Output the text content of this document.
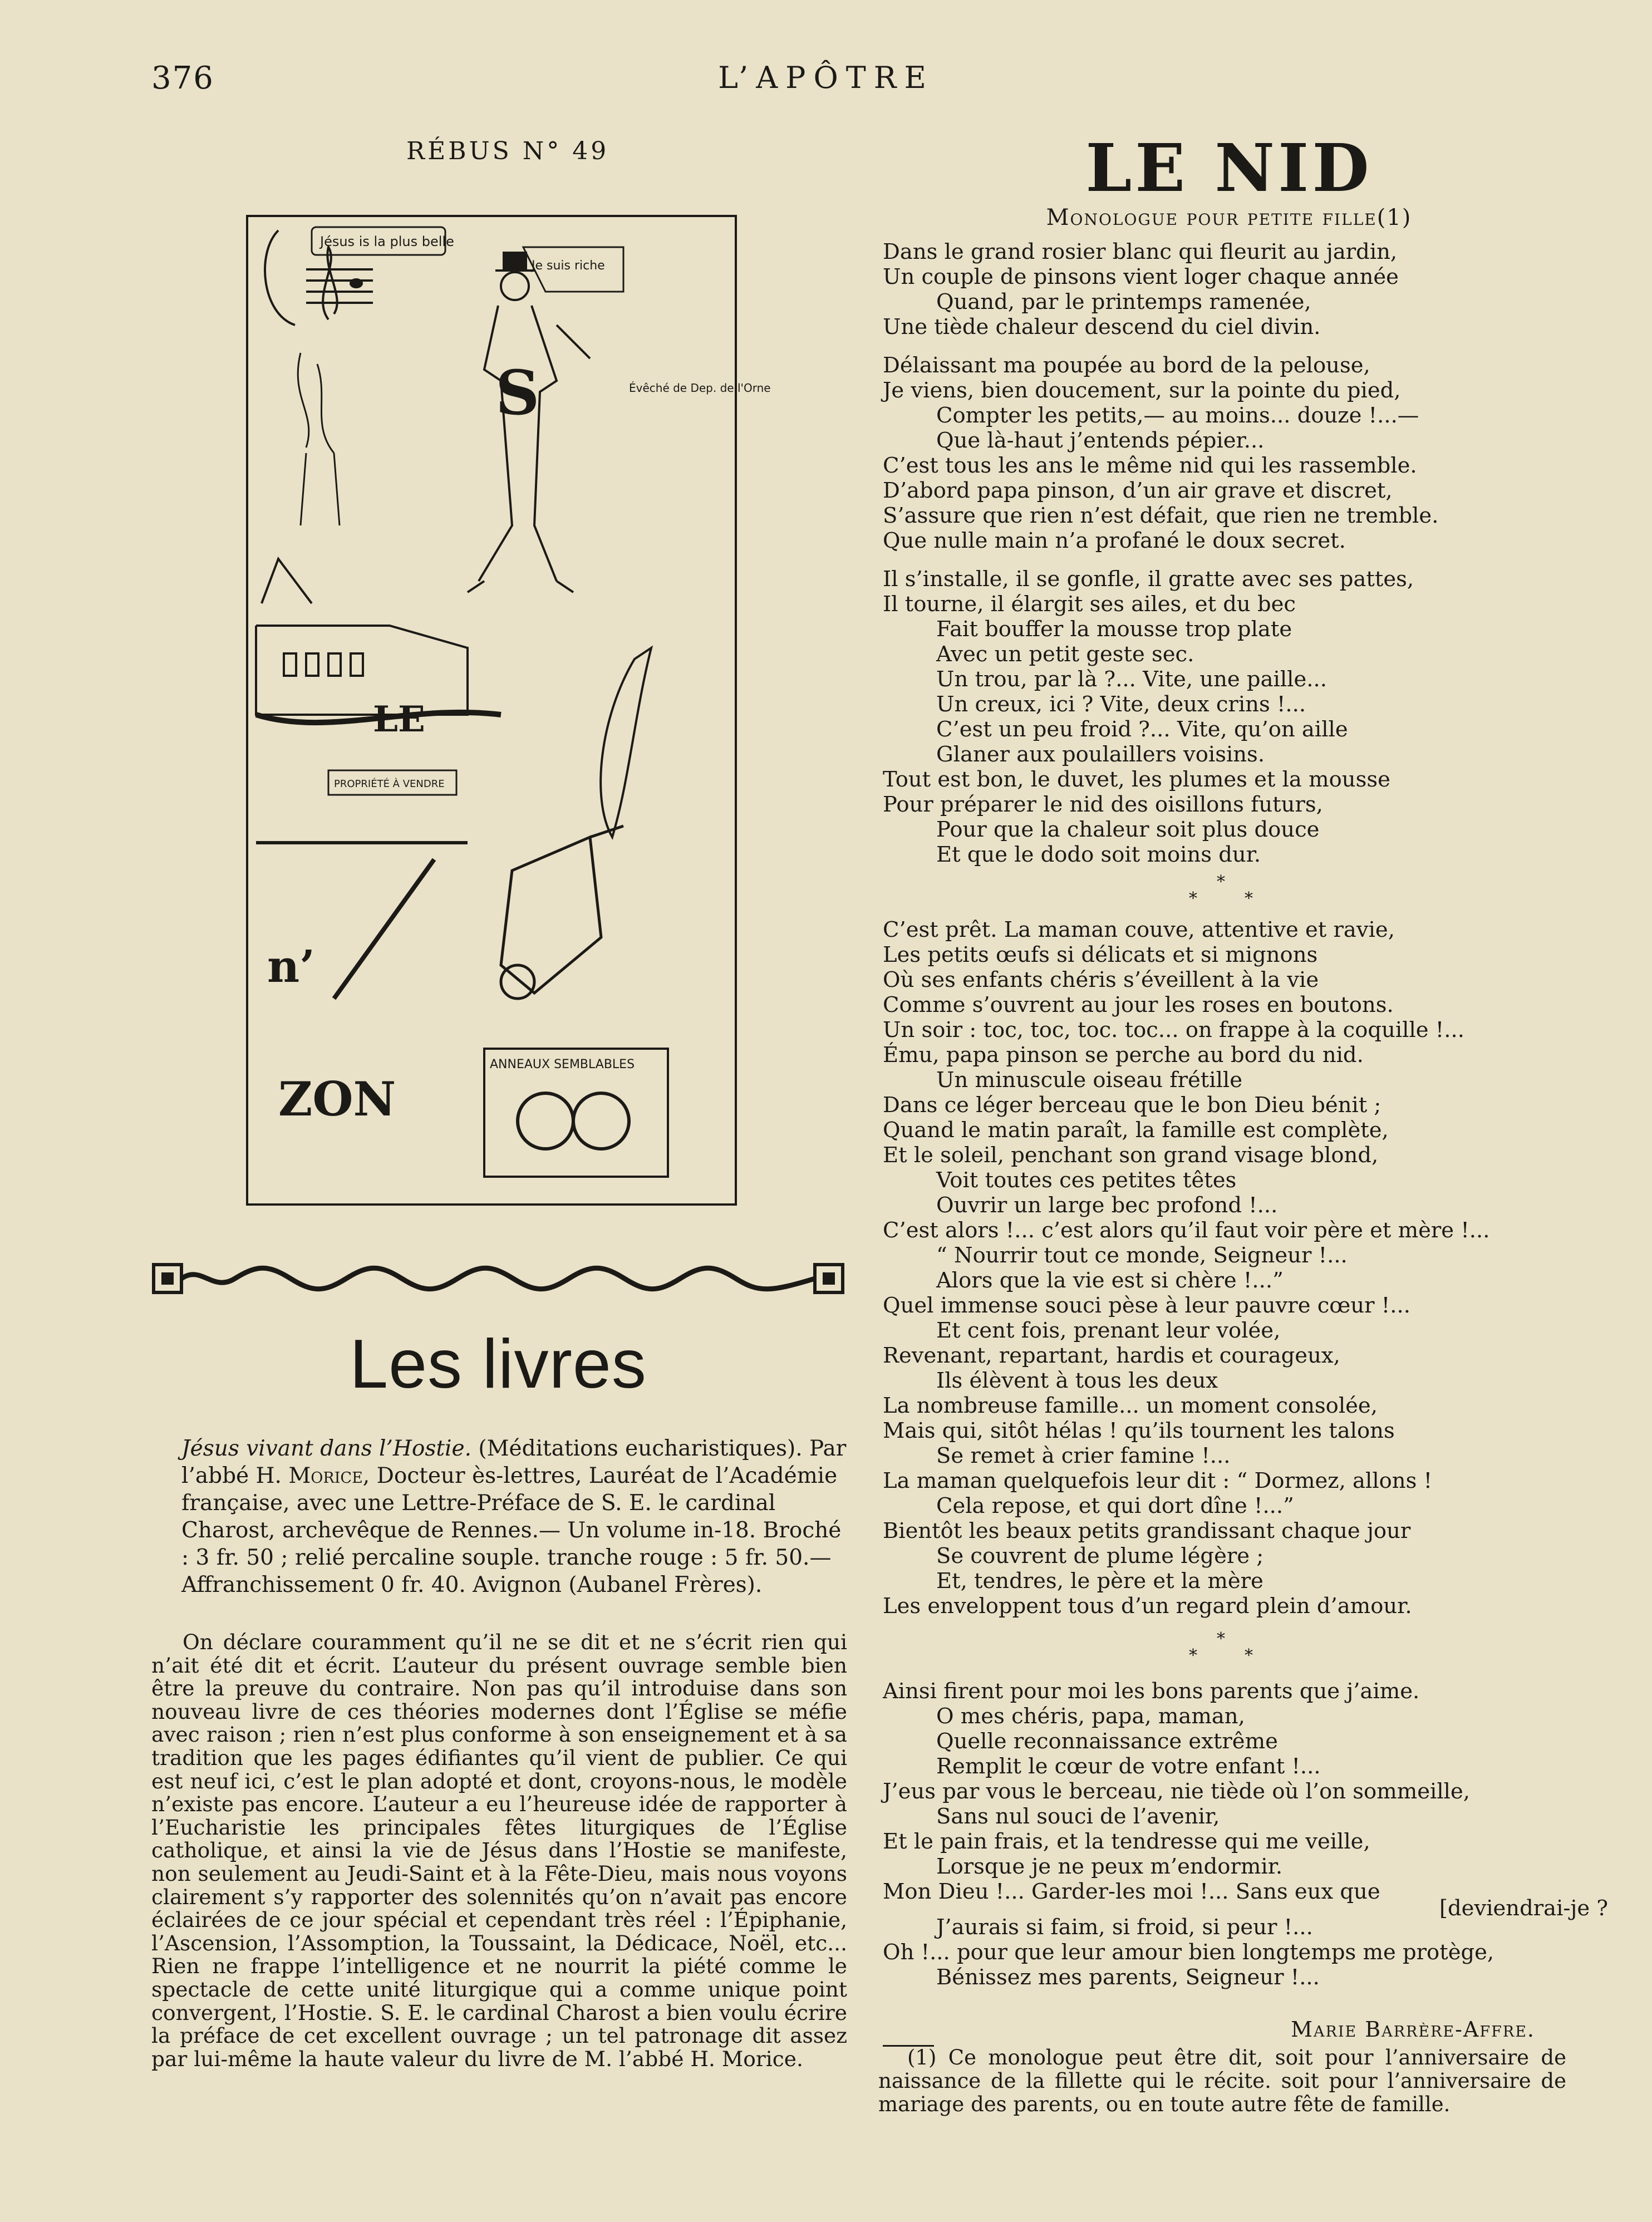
376	L’APÔTRE
RÉBUS N° 49
Jésus is la plus belle
S
Je suis riche
Évêché de Dep. de l'Orne
LE
PROPRIÉTÉ À VENDRE
n’
ZON
ANNEAUX SEMBLABLES
Les livres
Jésus vivant dans l’Hostie. (Méditations eucharistiques). Par l’abbé H. Morice, Docteur ès-lettres, Lauréat de l’Académie française, avec une Lettre-Préface de S. E. le cardinal Charost, archevêque de Rennes.— Un volume in-18. Broché : 3 fr. 50 ; relié percaline souple. tranche rouge : 5 fr. 50.— Affranchissement 0 fr. 40. Avignon (Aubanel Frères).

On déclare couramment qu’il ne se dit et ne s’écrit rien qui n’ait été dit et écrit. L’auteur du présent ouvrage semble bien être la preuve du contraire. Non pas qu’il introduise dans son nouveau livre de ces théories modernes dont l’Église se méfie avec raison ; rien n’est plus conforme à son enseignement et à sa tradition que les pages édifiantes qu’il vient de publier. Ce qui est neuf ici, c’est le plan adopté et dont, croyons-nous, le modèle n’existe pas encore. L’auteur a eu l’heureuse idée de rapporter à l’Eucharistie les principales fêtes liturgiques de l’Église catholique, et ainsi la vie de Jésus dans l’Hostie se manifeste, non seulement au Jeudi-Saint et à la Fête-Dieu, mais nous voyons clairement s’y rapporter des solennités qu’on n’avait pas encore éclairées de ce jour spécial et cependant très réel : l’Épiphanie, l’Ascension, l’Assomption, la Toussaint, la Dédicace, Noël, etc... Rien ne frappe l’intelligence et ne nourrit la piété comme le spectacle de cette unité liturgique qui a comme unique point convergent, l’Hostie. S. E. le cardinal Charost a bien voulu écrire la préface de cet excellent ouvrage ; un tel patronage dit assez par lui-même la haute valeur du livre de M. l’abbé H. Morice.

LE NID
Monologue pour petite fille(1)
Dans le grand rosier blanc qui fleurit au jardin,
Un couple de pinsons vient loger chaque année
Quand, par le printemps ramenée,
Une tiède chaleur descend du ciel divin.
Délaissant ma poupée au bord de la pelouse,
Je viens, bien doucement, sur la pointe du pied,
Compter les petits,— au moins... douze !...—
Que là-haut j’entends pépier...
C’est tous les ans le même nid qui les rassemble.
D’abord papa pinson, d’un air grave et discret,
S’assure que rien n’est défait, que rien ne tremble.
Que nulle main n’a profané le doux secret.
Il s’installe, il se gonfle, il gratte avec ses pattes,
Il tourne, il élargit ses ailes, et du bec
Fait bouffer la mousse trop plate
Avec un petit geste sec.
Un trou, par là ?... Vite, une paille...
Un creux, ici ? Vite, deux crins !...
C’est un peu froid ?... Vite, qu’on aille
Glaner aux poulaillers voisins.
Tout est bon, le duvet, les plumes et la mousse
Pour préparer le nid des oisillons futurs,
Pour que la chaleur soit plus douce
Et que le dodo soit moins dur.
*
*	*
C’est prêt. La maman couve, attentive et ravie,
Les petits œufs si délicats et si mignons
Où ses enfants chéris s’éveillent à la vie
Comme s’ouvrent au jour les roses en boutons.
Un soir : toc, toc, toc. toc... on frappe à la coquille !...
Ému, papa pinson se perche au bord du nid.
Un minuscule oiseau frétille
Dans ce léger berceau que le bon Dieu bénit ;
Quand le matin paraît, la famille est complète,
Et le soleil, penchant son grand visage blond,
Voit toutes ces petites têtes
Ouvrir un large bec profond !...
C’est alors !... c’est alors qu’il faut voir père et mère !...
“ Nourrir tout ce monde, Seigneur !...
Alors que la vie est si chère !...”
Quel immense souci pèse à leur pauvre cœur !...
Et cent fois, prenant leur volée,
Revenant, repartant, hardis et courageux,
Ils élèvent à tous les deux
La nombreuse famille... un moment consolée,
Mais qui, sitôt hélas ! qu’ils tournent les talons
Se remet à crier famine !...
La maman quelquefois leur dit : “ Dormez, allons !
Cela repose, et qui dort dîne !...”
Bientôt les beaux petits grandissant chaque jour
Se couvrent de plume légère ;
Et, tendres, le père et la mère
Les enveloppent tous d’un regard plein d’amour.
*
*	*
Ainsi firent pour moi les bons parents que j’aime.
O mes chéris, papa, maman,
Quelle reconnaissance extrême
Remplit le cœur de votre enfant !...
J’eus par vous le berceau, nie tiède où l’on sommeille,
Sans nul souci de l’avenir,
Et le pain frais, et la tendresse qui me veille,
Lorsque je ne peux m’endormir.
Mon Dieu !... Garder-les moi !... Sans eux que
[deviendrai-je ?
J’aurais si faim, si froid, si peur !...
Oh !... pour que leur amour bien longtemps me protège,
Bénissez mes parents, Seigneur !...
Marie Barrère-Affre.
(1) Ce monologue peut être dit, soit pour l’anniversaire de naissance de la fillette qui le récite. soit pour l’anniversaire de mariage des parents, ou en toute autre fête de famille.
